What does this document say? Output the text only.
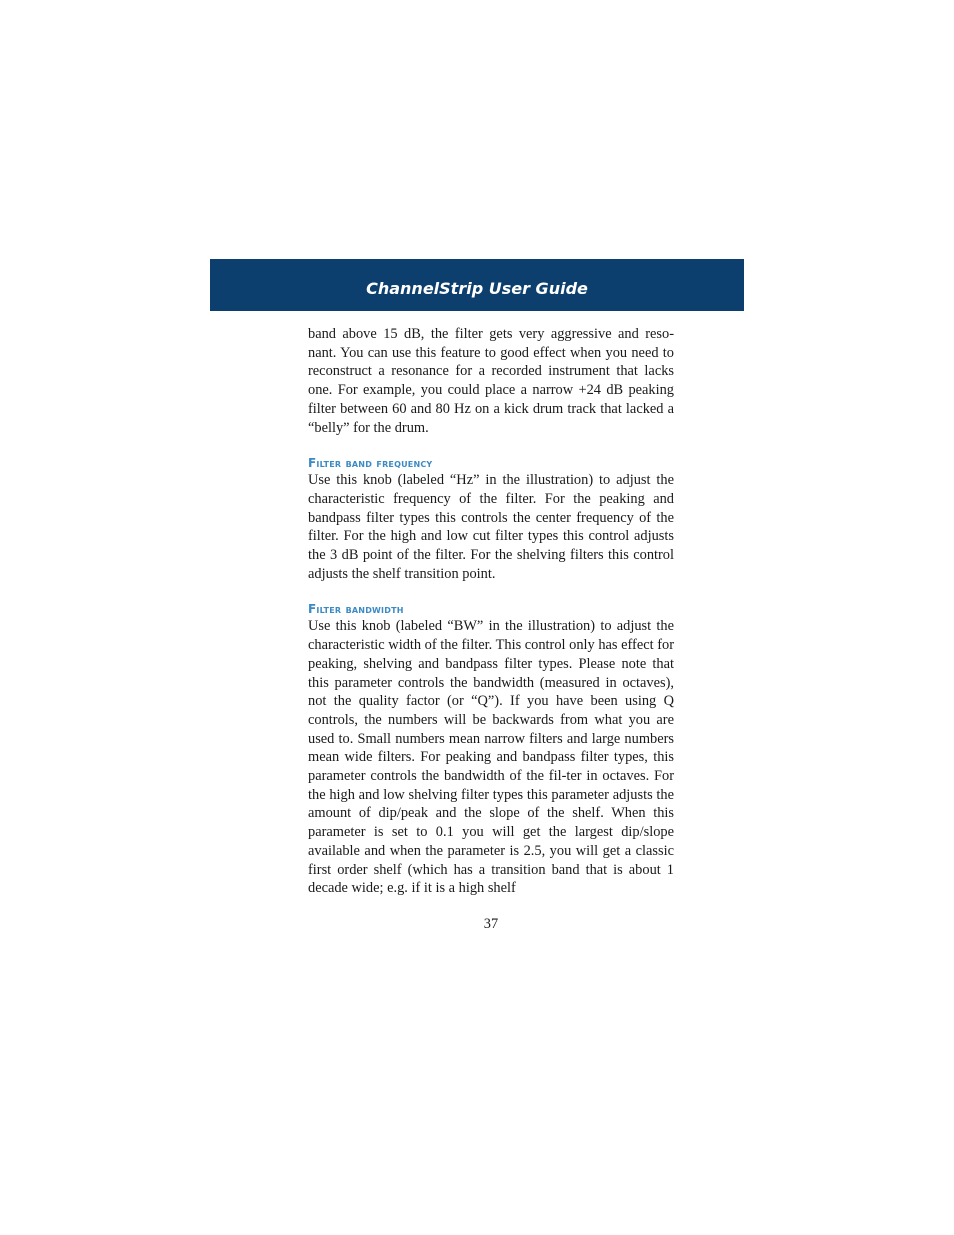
ChannelStrip User Guide

band above 15 dB, the filter gets very aggressive and reso-nant. You can use this feature to good effect when you need to reconstruct a resonance for a recorded instrument that lacks one. For example, you could place a narrow +24 dB peaking filter between 60 and 80 Hz on a kick drum track that lacked a “belly” for the drum.

Filter band frequency

Use this knob (labeled “Hz” in the illustration) to adjust the characteristic frequency of the filter. For the peaking and bandpass filter types this controls the center frequency of the filter. For the high and low cut filter types this control adjusts the 3 dB point of the filter. For the shelving filters this control adjusts the shelf transition point.

Filter bandwidth

Use this knob (labeled “BW” in the illustration) to adjust the characteristic width of the filter. This control only has effect for peaking, shelving and bandpass filter types. Please note that this parameter controls the bandwidth (measured in octaves), not the quality factor (or “Q”). If you have been using Q controls, the numbers will be backwards from what you are used to. Small numbers mean narrow filters and large numbers mean wide filters. For peaking and bandpass filter types, this parameter controls the bandwidth of the fil-ter in octaves. For the high and low shelving filter types this parameter adjusts the amount of dip/peak and the slope of the shelf. When this parameter is set to 0.1 you will get the largest dip/slope available and when the parameter is 2.5, you will get a classic first order shelf (which has a transition band that is about 1 decade wide; e.g. if it is a high shelf

37
